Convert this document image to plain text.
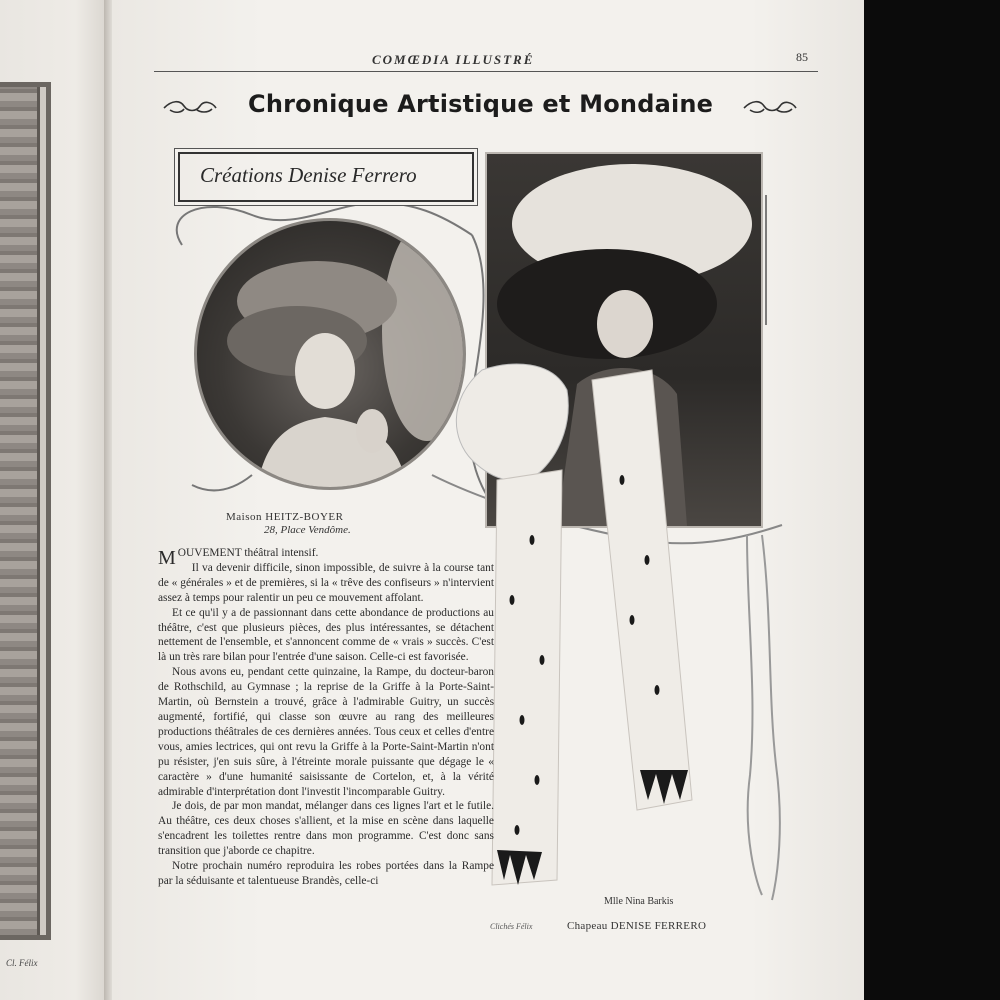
Cl. Félix
COMŒDIA ILLUSTRÉ	85
Chronique Artistique et Mondaine
Créations Denise Ferrero
Maison HEITZ-BOYER
28, Place Vendôme.

MOUVEMENT théâtral intensif.

Il va devenir difficile, sinon impossible, de suivre à la course tant de « générales » et de premières, si la « trêve des confiseurs » n'intervient assez à temps pour ralentir un peu ce mouvement affolant.

Et ce qu'il y a de passionnant dans cette abondance de productions au théâtre, c'est que plusieurs pièces, des plus intéressantes, se détachent nettement de l'ensemble, et s'annoncent comme de « vrais » succès. C'est là un très rare bilan pour l'entrée d'une saison. Celle-ci est favorisée.

Nous avons eu, pendant cette quinzaine, la Rampe, du docteur-baron de Rothschild, au Gymnase ; la reprise de la Griffe à la Porte-Saint-Martin, où Bernstein a trouvé, grâce à l'admirable Guitry, un succès augmenté, fortifié, qui classe son œuvre au rang des meilleures productions théâtrales de ces dernières années. Tous ceux et celles d'entre vous, amies lectrices, qui ont revu la Griffe à la Porte-Saint-Martin n'ont pu résister, j'en suis sûre, à l'étreinte morale puissante que dégage le « caractère » d'une humanité saisissante de Cortelon, et, à la vérité admirable d'interprétation dont l'investit l'incomparable Guitry.

Je dois, de par mon mandat, mélanger dans ces lignes l'art et le futile. Au théâtre, ces deux choses s'allient, et la mise en scène dans laquelle s'encadrent les toilettes rentre dans mon programme. C'est donc sans transition que j'aborde ce chapitre.

Notre prochain numéro reproduira les robes portées dans la Rampe par la séduisante et talentueuse Brandès, celle-ci

Mlle Nina Barkis
Clichés Félix	Chapeau DENISE FERRERO
